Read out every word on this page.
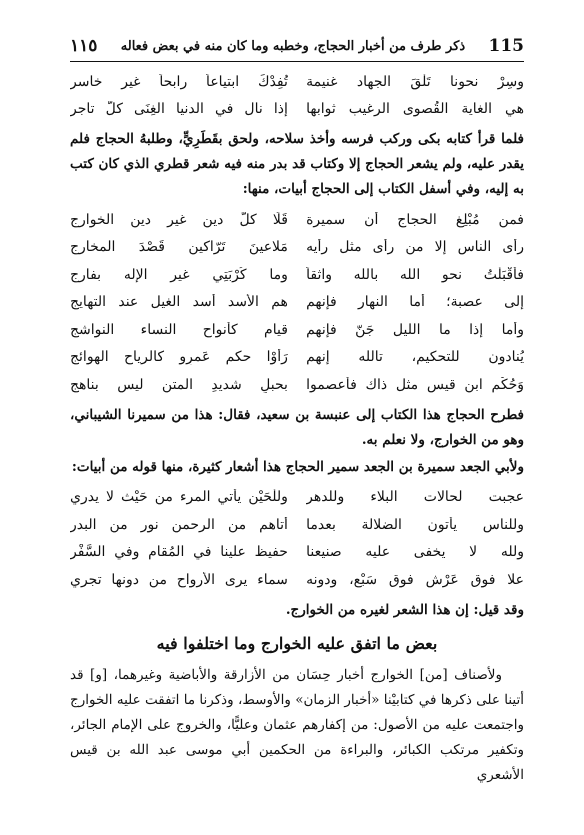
115
ذكر طرف من أخبار الحجاج، وخطبه وما كان منه في بعض فعاله
١١٥
وسِرْ نحونا تَلْقَ الجهاد غنيمة
تُفِدْكَ ابتياعاً رابحاً غير خاسر
هي الغاية القُصوى الرغيب ثوابها
إذا نال في الدنيا الغِنَى كلُّ تاجر

فلما قرأ كتابه بكى وركب فرسه وأخذ سلاحه، ولحق بقَطَرِيٍّ، وطلبهُ الحجاج فلم يقدر عليه، ولم يشعر الحجاج إلا وكتاب قد بدر منه فيه شعر قطري الذي كان كتب به إليه، وفي أسفل الكتاب إلى الحجاج أبيات، منها:

فمن مُبْلِغ الحجاج أن سميرة
قَلَا كلَّ دين غير دين الخوارج
رأى الناس إلا من رأى مثل رأيه
مَلاعينَ تَرّاكين قَصْدَ المخارج
فأقْبَلْتُ نحو الله بالله واثقاً
وما كُرْبَتِي غير الإله بفارج
إلى عصبة؛ أما النهار فإنهم
هم الأسد أسد الغيل عند التهايج
وأما إذا ما الليل جَنّ فإنهم
قيام كأنواح النساء النواشج
يُنادون للتحكيم، تالله إنهم
رَأَوْا حكم عَمرٍو كالرياح الهوائج
وَحُكْم ابن قيس مثل ذاك فأعصموا
بحبلٍ شديدِ المتن ليس بناهج

فطرح الحجاج هذا الكتاب إلى عنبسة بن سعيد، فقال: هذا من سميرنا الشيباني، وهو من الخوارج، ولا نعلم به.

ولأبي الجعد سميرة بن الجعد سمير الحجاج هذا أشعار كثيرة، منها قوله من أبيات:

عجبت لحالات البلاء وللدهر
وللْحَيْن يأتي المرء من حَيْث لا يدري
وللناس يأتون الضلالة بعدما
أتاهم من الرحمن نور من البدر
ولله لا يخفى عليه صنيعنا
حفيظ علينا في المُقام وفي السَّفْر
علا فوق عَرْشٍ فوق سَبْعٍ، ودونه
سماء يرى الأرواح من دونها تجري

وقد قيل: إن هذا الشعر لغيره من الخوارج.

بعض ما اتفق عليه الخوارج وما اختلفوا فيه

ولأصناف [من] الخوارج أخبار حِسَان من الأزارقة والأباضية وغيرهما، [و] قد أتينا على ذكرها في كتابيْنا «أخبار الزمان» والأوسط، وذكرنا ما اتفقت عليه الخوارج واجتمعت عليه من الأصول: من إكفارهم عثمان وعليًّا، والخروج على الإمام الجائر، وتكفير مرتكب الكبائر، والبراءة من الحكمين أبي موسى عبد الله بن قيس الأشعري
